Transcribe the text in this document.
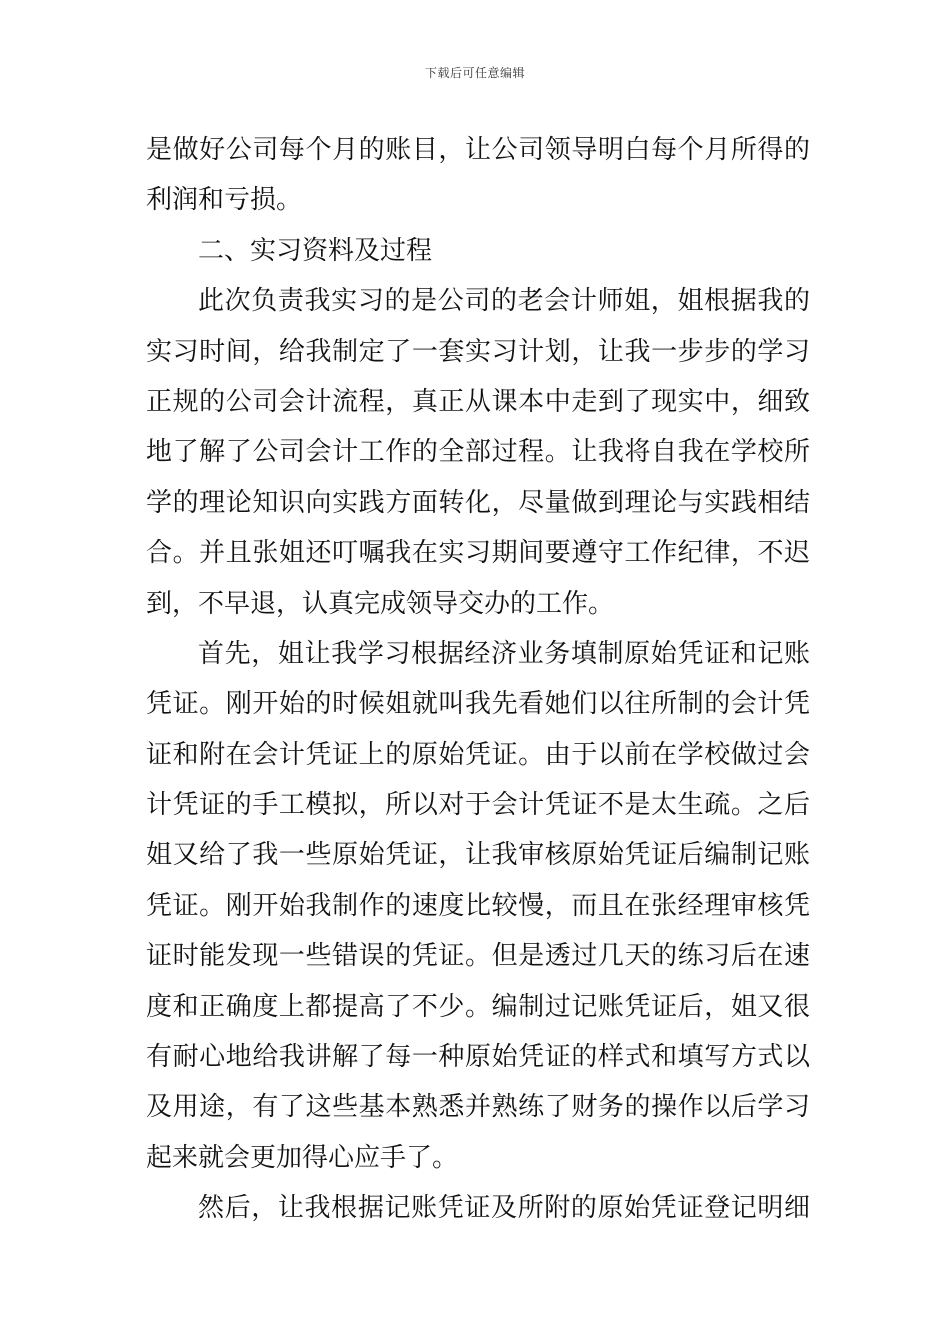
下载后可任意编辑
是做好公司每个月的账目，让公司领导明白每个月所得的
利润和亏损。
二、实习资料及过程
此次负责我实习的是公司的老会计师姐，姐根据我的
实习时间，给我制定了一套实习计划，让我一步步的学习
正规的公司会计流程，真正从课本中走到了现实中，细致
地了解了公司会计工作的全部过程。让我将自我在学校所
学的理论知识向实践方面转化，尽量做到理论与实践相结
合。并且张姐还叮嘱我在实习期间要遵守工作纪律，不迟
到，不早退，认真完成领导交办的工作。
首先，姐让我学习根据经济业务填制原始凭证和记账
凭证。刚开始的时候姐就叫我先看她们以往所制的会计凭
证和附在会计凭证上的原始凭证。由于以前在学校做过会
计凭证的手工模拟，所以对于会计凭证不是太生疏。之后
姐又给了我一些原始凭证，让我审核原始凭证后编制记账
凭证。刚开始我制作的速度比较慢，而且在张经理审核凭
证时能发现一些错误的凭证。但是透过几天的练习后在速
度和正确度上都提高了不少。编制过记账凭证后，姐又很
有耐心地给我讲解了每一种原始凭证的样式和填写方式以
及用途，有了这些基本熟悉并熟练了财务的操作以后学习
起来就会更加得心应手了。
然后，让我根据记账凭证及所附的原始凭证登记明细
